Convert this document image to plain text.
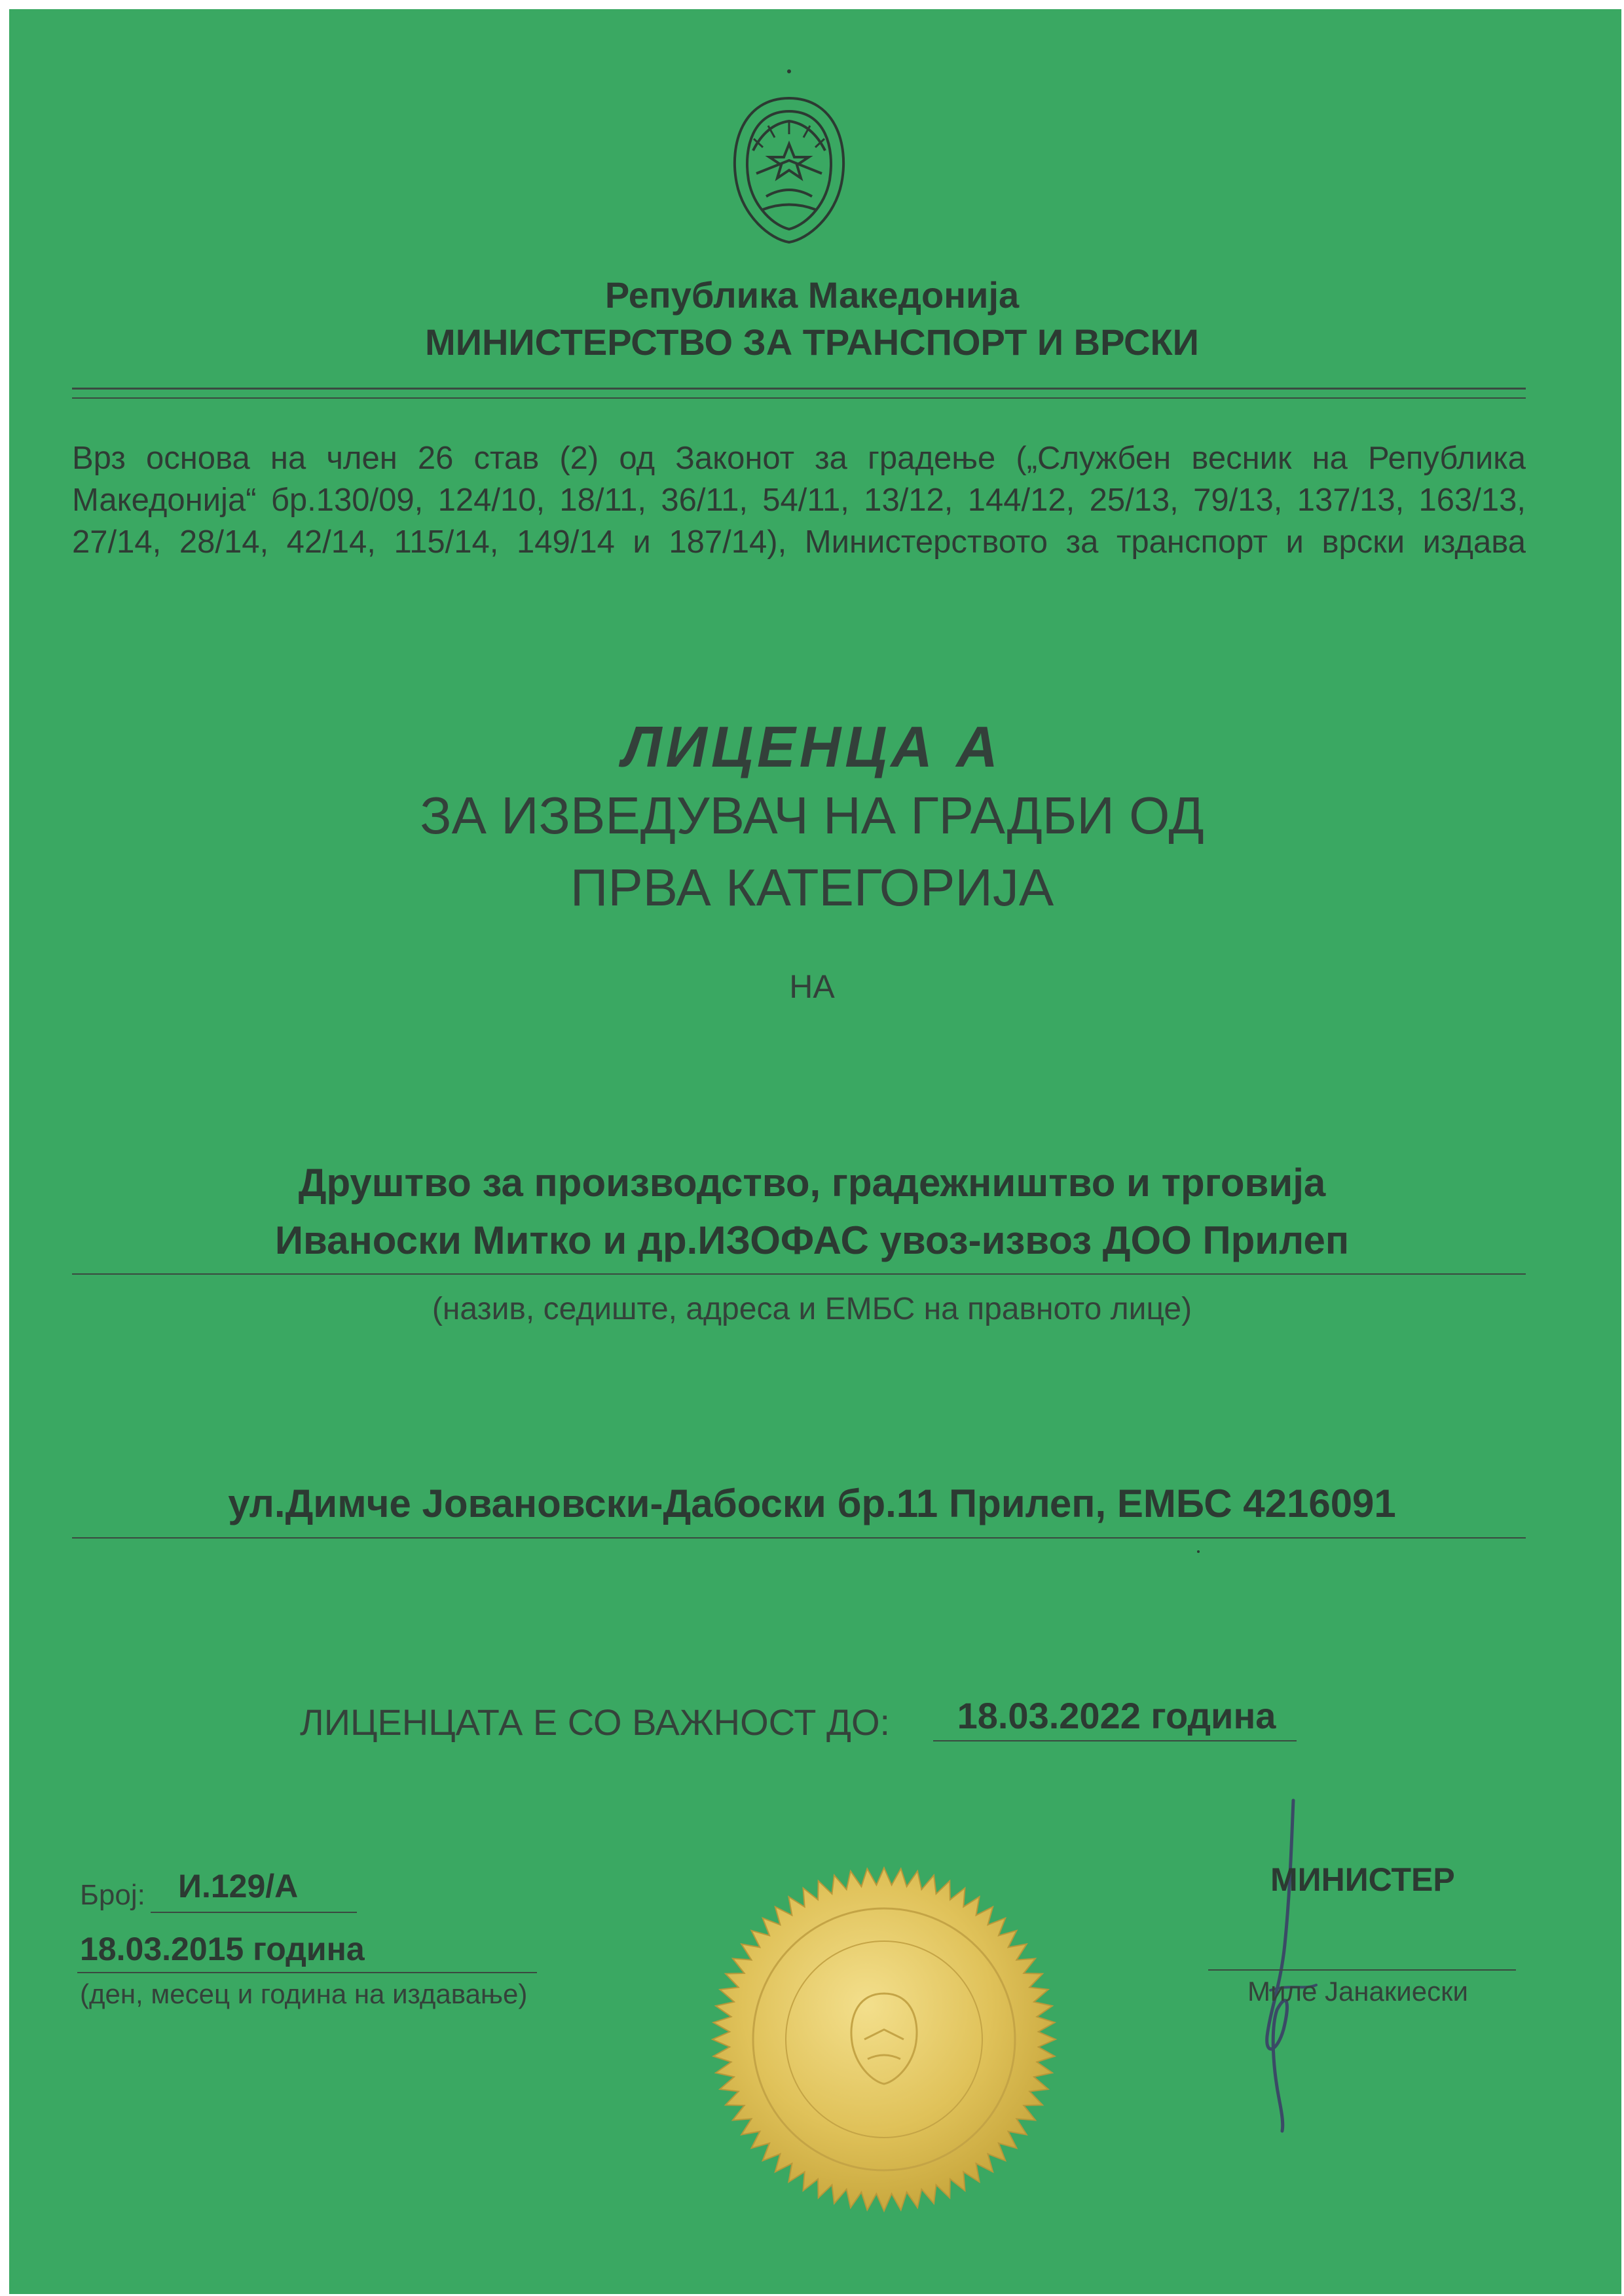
Република Македонија
МИНИСТЕРСТВО ЗА ТРАНСПОРТ И ВРСКИ
Врз основа на член 26 став (2) од Законот за градење („Службен весник на Република
Македонија“ бр.130/09, 124/10, 18/11, 36/11, 54/11, 13/12, 144/12, 25/13, 79/13, 137/13, 163/13,
27/14, 28/14, 42/14, 115/14, 149/14 и 187/14), Министерството за транспорт и врски издава
ЛИЦЕНЦА А
ЗА ИЗВЕДУВАЧ НА ГРАДБИ ОД
ПРВА КАТЕГОРИЈА
НА
Друштво за производство, градежништво и трговија
Иваноски Митко и др.ИЗОФАС увоз-извоз ДОО Прилеп
(назив, седиште, адреса и ЕМБС на правното лице)
ул.Димче Јовановски-Дабоски бр.11 Прилеп, ЕМБС 4216091
ЛИЦЕНЦАТА Е СО ВАЖНОСТ ДО:	18.03.2022 година
Број: И.129/А
18.03.2015 година
(ден, месец и година на издавање)
МИНИСТЕР
Миле Јанакиески
